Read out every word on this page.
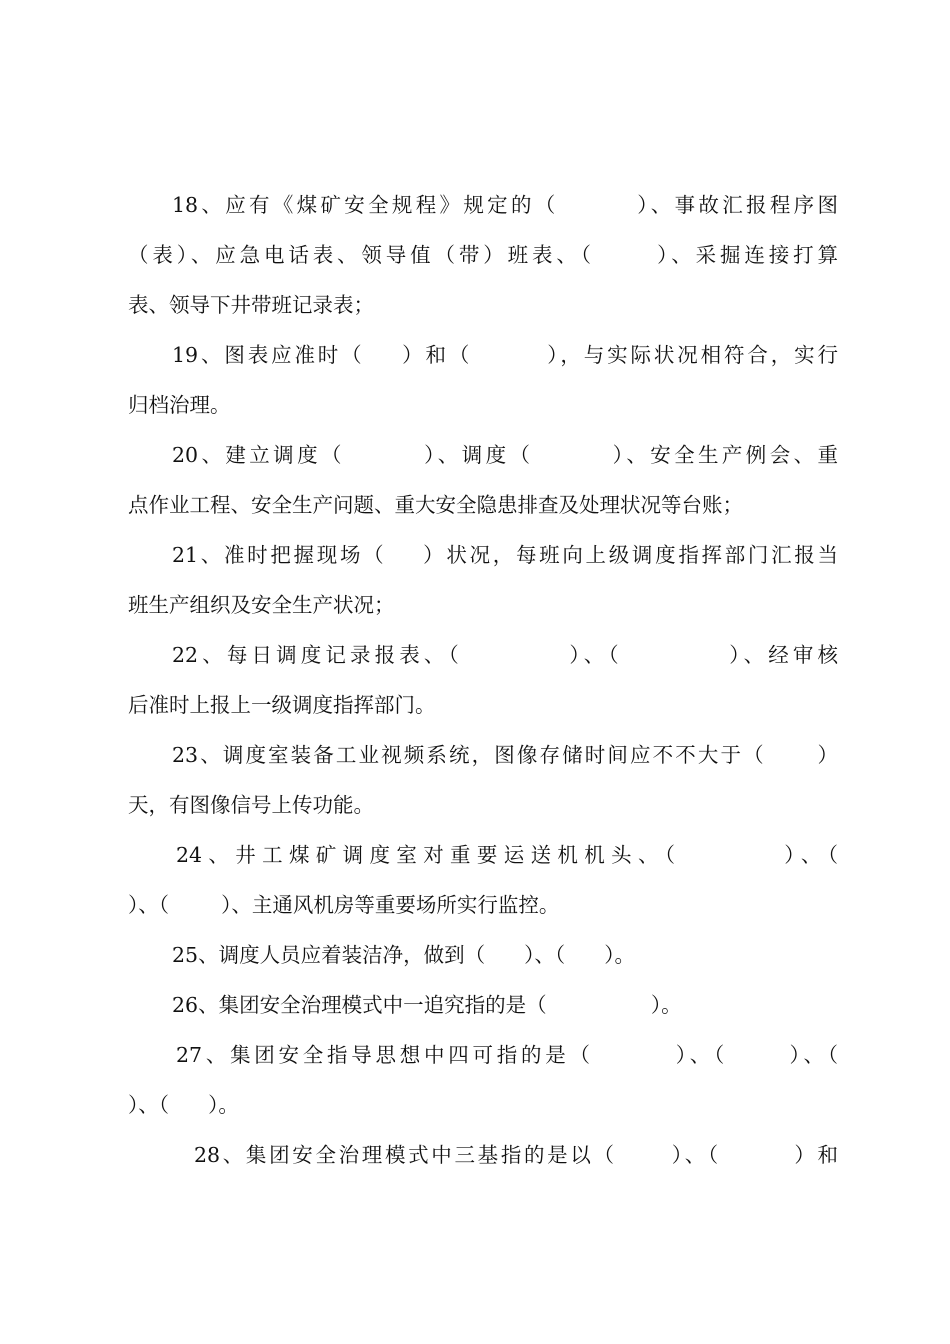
18、应有《煤矿安全规程》规定的（        ）、事故汇报程序图
（表）、应急电话表、领导值（带）班表、（      ）、采掘连接打算
表、领导下井带班记录表；
19、图表应准时（    ）和（        ），与实际状况相符合，实行
归档治理。
20、建立调度（        ）、调度（        ）、安全生产例会、重
点作业工程、安全生产问题、重大安全隐患排查及处理状况等台账；
21、准时把握现场（    ）状况，每班向上级调度指挥部门汇报当
班生产组织及安全生产状况；
22、每日调度记录报表、（          ）、（          ）、经审核
后准时上报上一级调度指挥部门。
23、调度室装备工业视频系统，图像存储时间应不不大于（      ）
天，有图像信号上传功能。
24、井工煤矿调度室对重要运送机机头、（        ）、（
）、（        ）、主通风机房等重要场所实行监控。
25、调度人员应着装洁净，做到（      ）、（      ）。
26、集团安全治理模式中一追究指的是（                ）。
27、集团安全指导思想中四可指的是（        ）、（      ）、（
）、（      ）。
28、集团安全治理模式中三基指的是以（      ）、（        ）和
